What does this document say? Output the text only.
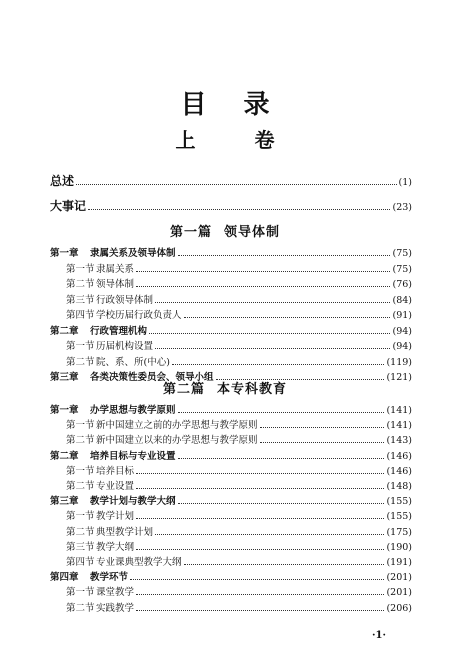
目 录
上 卷
总述	(1)
大事记	(23)
第一篇 领导体制
第一章 隶属关系及领导体制	(75)
第一节隶属关系	(75)
第二节领导体制	(76)
第三节行政领导体制	(84)
第四节学校历届行政负责人	(91)
第二章 行政管理机构	(94)
第一节历届机构设置	(94)
第二节院、系、所(中心)	(119)
第三章 各类决策性委员会、领导小组	(121)
第二篇 本专科教育
第一章 办学思想与教学原则	(141)
第一节新中国建立之前的办学思想与教学原则	(141)
第二节新中国建立以来的办学思想与教学原则	(143)
第二章 培养目标与专业设置	(146)
第一节培养目标	(146)
第二节专业设置	(148)
第三章 教学计划与教学大纲	(155)
第一节教学计划	(155)
第二节典型教学计划	(175)
第三节教学大纲	(190)
第四节专业课典型教学大纲	(191)
第四章 教学环节	(201)
第一节课堂教学	(201)
第二节实践教学	(206)
·1·
